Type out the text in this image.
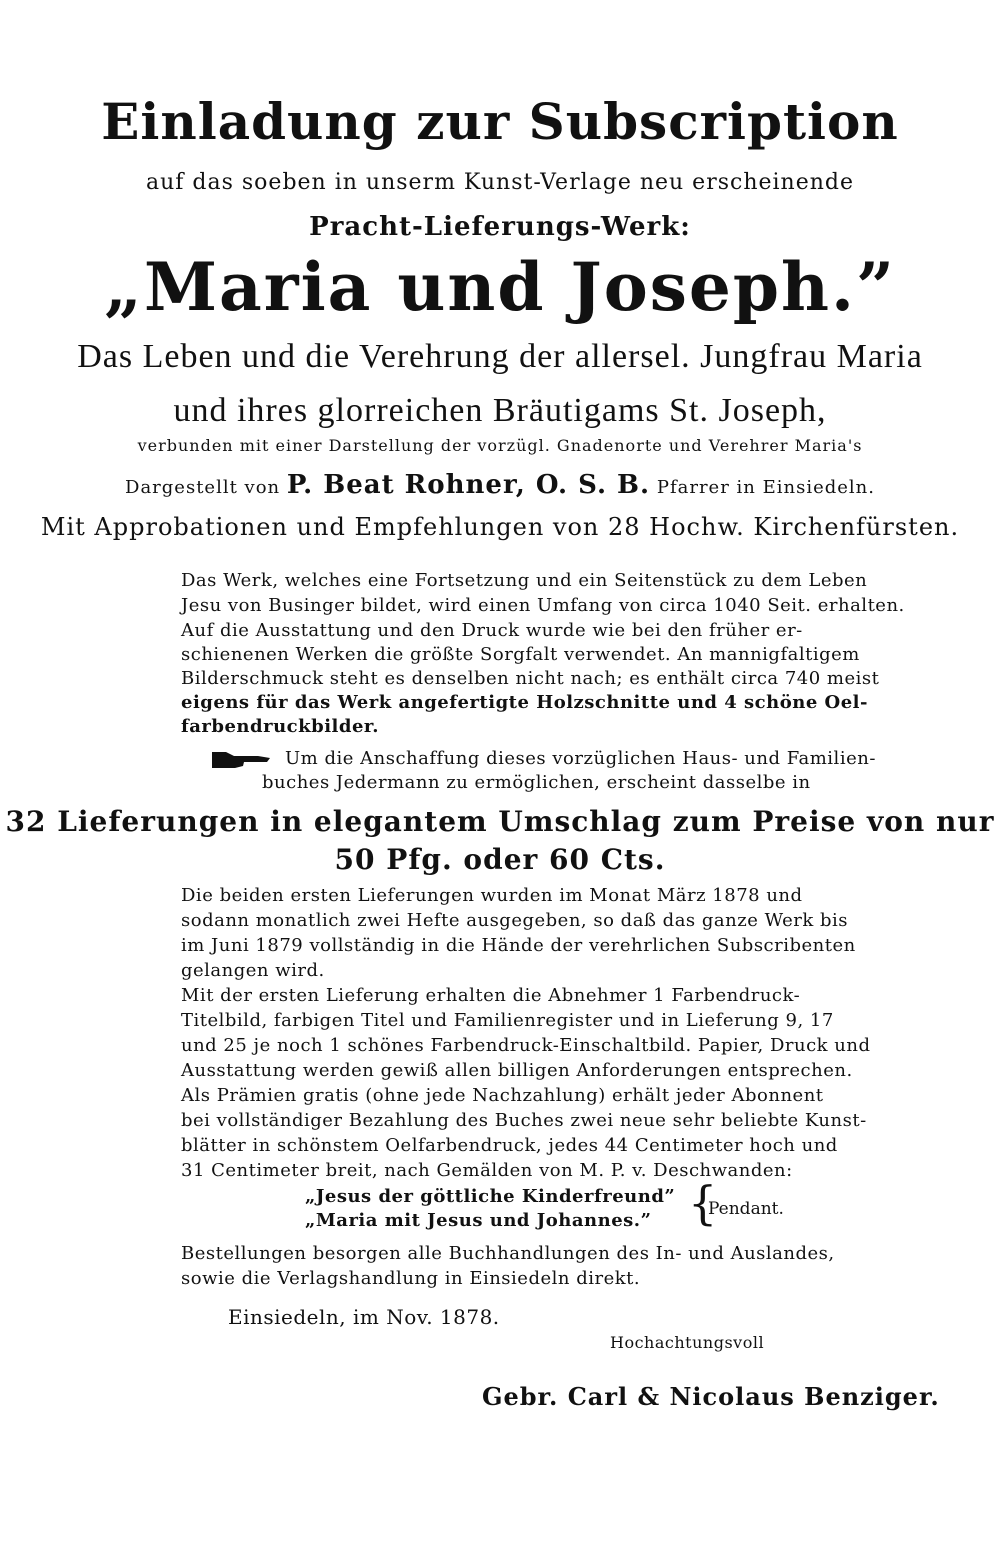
Einladung zur Subscription

auf das soeben in unserm Kunst-Verlage neu erscheinende

Pracht-Lieferungs-Werk:

„Maria und Joseph.”

Das Leben und die Verehrung der allersel. Jungfrau Maria

und ihres glorreichen Bräutigams St. Joseph,

verbunden mit einer Darstellung der vorzügl. Gnadenorte und Verehrer Maria's

Dargestellt von P. Beat Rohner, O. S. B. Pfarrer in Einsiedeln.

Mit Approbationen und Empfehlungen von 28 Hochw. Kirchenfürsten.

Das Werk, welches eine Fortsetzung und ein Seitenstück zu dem Leben

Jesu von Businger bildet, wird einen Umfang von circa 1040 Seit. erhalten.

Auf die Ausstattung und den Druck wurde wie bei den früher er-

schienenen Werken die größte Sorgfalt verwendet. An mannigfaltigem

Bilderschmuck steht es denselben nicht nach; es enthält circa 740 meist

eigens für das Werk angefertigte Holzschnitte und 4 schöne Oel-

farbendruckbilder.

Um die Anschaffung dieses vorzüglichen Haus- und Familien-

buches Jedermann zu ermöglichen, erscheint dasselbe in

32 Lieferungen in elegantem Umschlag zum Preise von nur

50 Pfg. oder 60 Cts.

Die beiden ersten Lieferungen wurden im Monat März 1878 und

sodann monatlich zwei Hefte ausgegeben, so daß das ganze Werk bis

im Juni 1879 vollständig in die Hände der verehrlichen Subscribenten

gelangen wird.

Mit der ersten Lieferung erhalten die Abnehmer 1 Farbendruck-

Titelbild, farbigen Titel und Familienregister und in Lieferung 9, 17

und 25 je noch 1 schönes Farbendruck-Einschaltbild. Papier, Druck und

Ausstattung werden gewiß allen billigen Anforderungen entsprechen.

Als Prämien gratis (ohne jede Nachzahlung) erhält jeder Abonnent

bei vollständiger Bezahlung des Buches zwei neue sehr beliebte Kunst-

blätter in schönstem Oelfarbendruck, jedes 44 Centimeter hoch und

31 Centimeter breit, nach Gemälden von M. P. v. Deschwanden:

„Jesus der göttliche Kinderfreund”

„Maria mit Jesus und Johannes.” {
Pendant.

Bestellungen besorgen alle Buchhandlungen des In- und Auslandes,

sowie die Verlagshandlung in Einsiedeln direkt.

Einsiedeln, im Nov. 1878.

Hochachtungsvoll

Gebr. Carl & Nicolaus Benziger.
